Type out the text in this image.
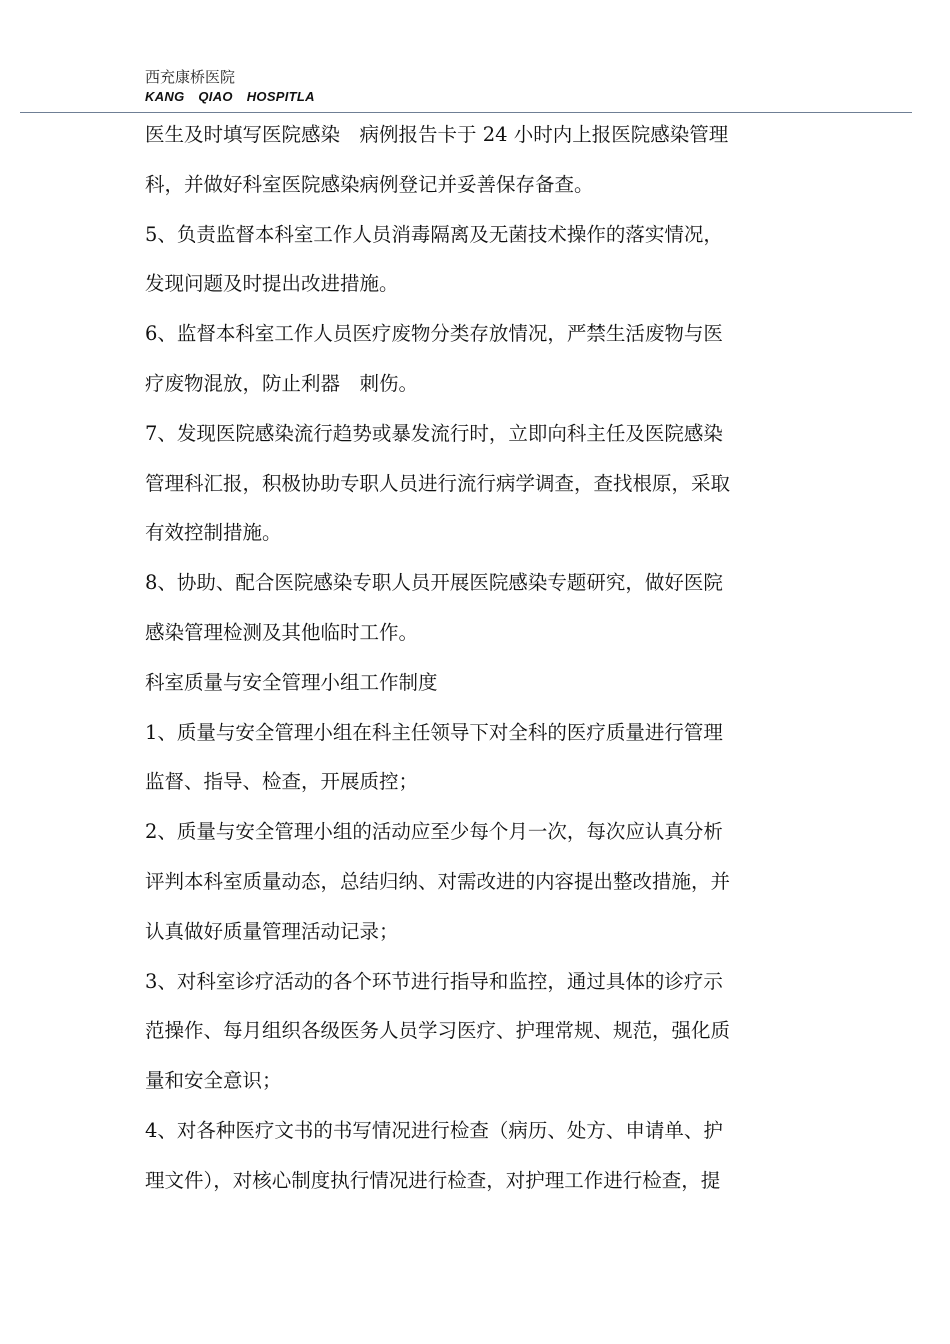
西充康桥医院
KANG QIAO HOSPITLA
医生及时填写医院感染　病例报告卡于 24 小时内上报医院感染管理
科，并做好科室医院感染病例登记并妥善保存备查。
5、负责监督本科室工作人员消毒隔离及无菌技术操作的落实情况，
发现问题及时提出改进措施。
6、监督本科室工作人员医疗废物分类存放情况，严禁生活废物与医
疗废物混放，防止利器　刺伤。
7、发现医院感染流行趋势或暴发流行时，立即向科主任及医院感染
管理科汇报，积极协助专职人员进行流行病学调查，查找根原，采取
有效控制措施。
8、协助、配合医院感染专职人员开展医院感染专题研究，做好医院
感染管理检测及其他临时工作。
科室质量与安全管理小组工作制度
1、质量与安全管理小组在科主任领导下对全科的医疗质量进行管理
监督、指导、检查，开展质控；
2、质量与安全管理小组的活动应至少每个月一次，每次应认真分析
评判本科室质量动态，总结归纳、对需改进的内容提出整改措施，并
认真做好质量管理活动记录；
3、对科室诊疗活动的各个环节进行指导和监控，通过具体的诊疗示
范操作、每月组织各级医务人员学习医疗、护理常规、规范，强化质
量和安全意识；
4、对各种医疗文书的书写情况进行检查（病历、处方、申请单、护
理文件），对核心制度执行情况进行检查，对护理工作进行检查，提
